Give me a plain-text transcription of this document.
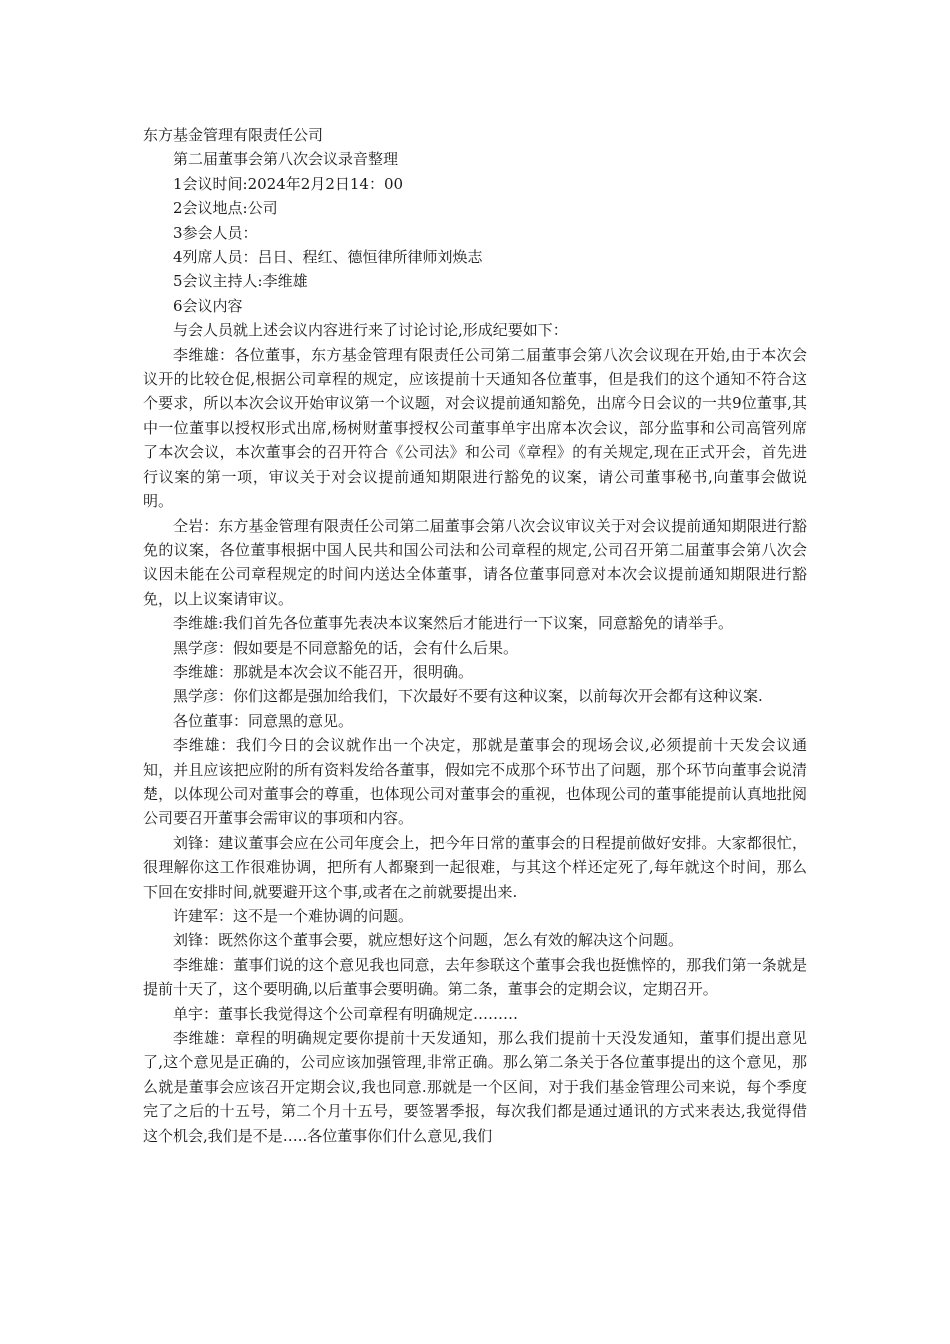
东方基金管理有限责任公司

第二届董事会第八次会议录音整理

1会议时间:2024年2月2日14：00

2会议地点:公司

3参会人员：

4列席人员：吕日、程红、德恒律所律师刘焕志

5会议主持人:李维雄

6会议内容

与会人员就上述会议内容进行来了讨论讨论,形成纪要如下：

李维雄：各位董事，东方基金管理有限责任公司第二届董事会第八次会议现在开始,由于本次会议开的比较仓促,根据公司章程的规定，应该提前十天通知各位董事，但是我们的这个通知不符合这个要求，所以本次会议开始审议第一个议题，对会议提前通知豁免，出席今日会议的一共9位董事,其中一位董事以授权形式出席,杨树财董事授权公司董事单宇出席本次会议，部分监事和公司高管列席了本次会议，本次董事会的召开符合《公司法》和公司《章程》的有关规定,现在正式开会，首先进行议案的第一项，审议关于对会议提前通知期限进行豁免的议案，请公司董事秘书,向董事会做说明。

仝岩：东方基金管理有限责任公司第二届董事会第八次会议审议关于对会议提前通知期限进行豁免的议案，各位董事根据中国人民共和国公司法和公司章程的规定,公司召开第二届董事会第八次会议因未能在公司章程规定的时间内送达全体董事，请各位董事同意对本次会议提前通知期限进行豁免，以上议案请审议。

李维雄:我们首先各位董事先表决本议案然后才能进行一下议案，同意豁免的请举手。

黑学彦：假如要是不同意豁免的话，会有什么后果。

李维雄：那就是本次会议不能召开，很明确。

黑学彦：你们这都是强加给我们，下次最好不要有这种议案，以前每次开会都有这种议案.

各位董事：同意黑的意见。

李维雄：我们今日的会议就作出一个决定，那就是董事会的现场会议,必须提前十天发会议通知，并且应该把应附的所有资料发给各董事，假如完不成那个环节出了问题，那个环节向董事会说清楚，以体现公司对董事会的尊重，也体现公司对董事会的重视，也体现公司的董事能提前认真地批阅公司要召开董事会需审议的事项和内容。

刘锋：建议董事会应在公司年度会上，把今年日常的董事会的日程提前做好安排。大家都很忙，很理解你这工作很难协调，把所有人都聚到一起很难，与其这个样还定死了,每年就这个时间，那么下回在安排时间,就要避开这个事,或者在之前就要提出来.

许建军：这不是一个难协调的问题。

刘锋：既然你这个董事会要，就应想好这个问题，怎么有效的解决这个问题。

李维雄：董事们说的这个意见我也同意，去年参联这个董事会我也挺憔悴的，那我们第一条就是提前十天了，这个要明确,以后董事会要明确。第二条，董事会的定期会议，定期召开。

单宇：董事长我觉得这个公司章程有明确规定………

李维雄：章程的明确规定要你提前十天发通知，那么我们提前十天没发通知，董事们提出意见了,这个意见是正确的，公司应该加强管理,非常正确。那么第二条关于各位董事提出的这个意见，那么就是董事会应该召开定期会议,我也同意.那就是一个区间，对于我们基金管理公司来说，每个季度完了之后的十五号，第二个月十五号，要签署季报，每次我们都是通过通讯的方式来表达,我觉得借这个机会,我们是不是…..各位董事你们什么意见,我们
